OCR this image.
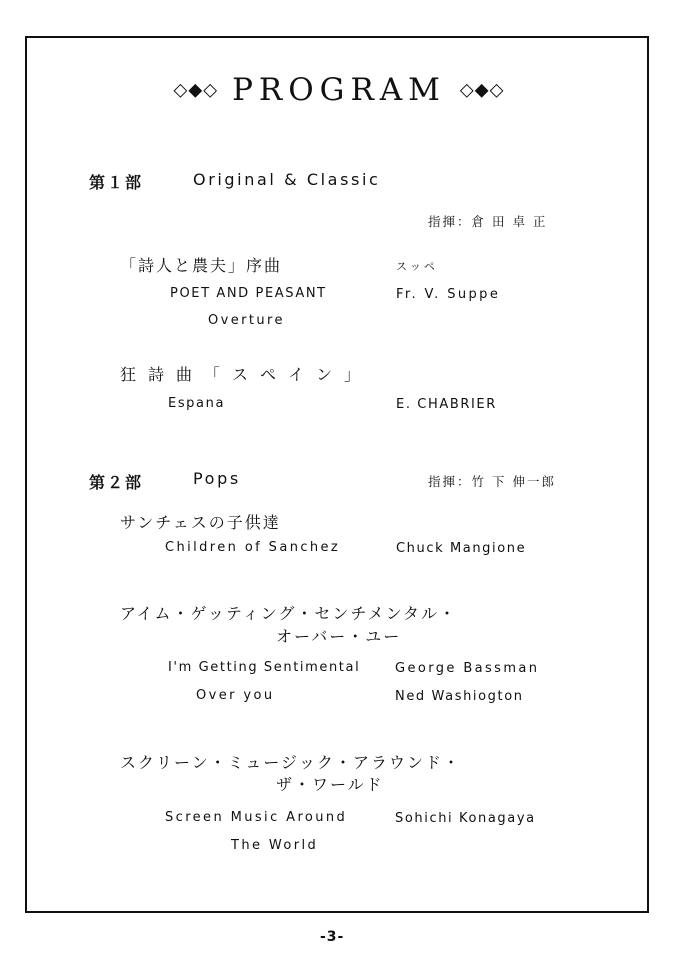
◇◆◇ PROGRAM ◇◆◇
第１部	Original & Classic
指揮：倉 田 卓 正
「詩人と農夫」序曲	スッペ
POET AND PEASANT	Fr. V. Suppe
Overture
狂詩曲「スペイン」
Espana	E. CHABRIER
第２部	Pops	指揮：竹 下 伸一郎
サンチェスの子供達
Children of Sanchez	Chuck Mangione
アイム・ゲッティング・センチメンタル・
オーバー・ユー
I'm Getting Sentimental	George Bassman
Over you	Ned Washiogton
スクリーン・ミュージック・アラウンド・
ザ・ワールド
Screen Music Around	Sohichi Konagaya
The World
-3-
